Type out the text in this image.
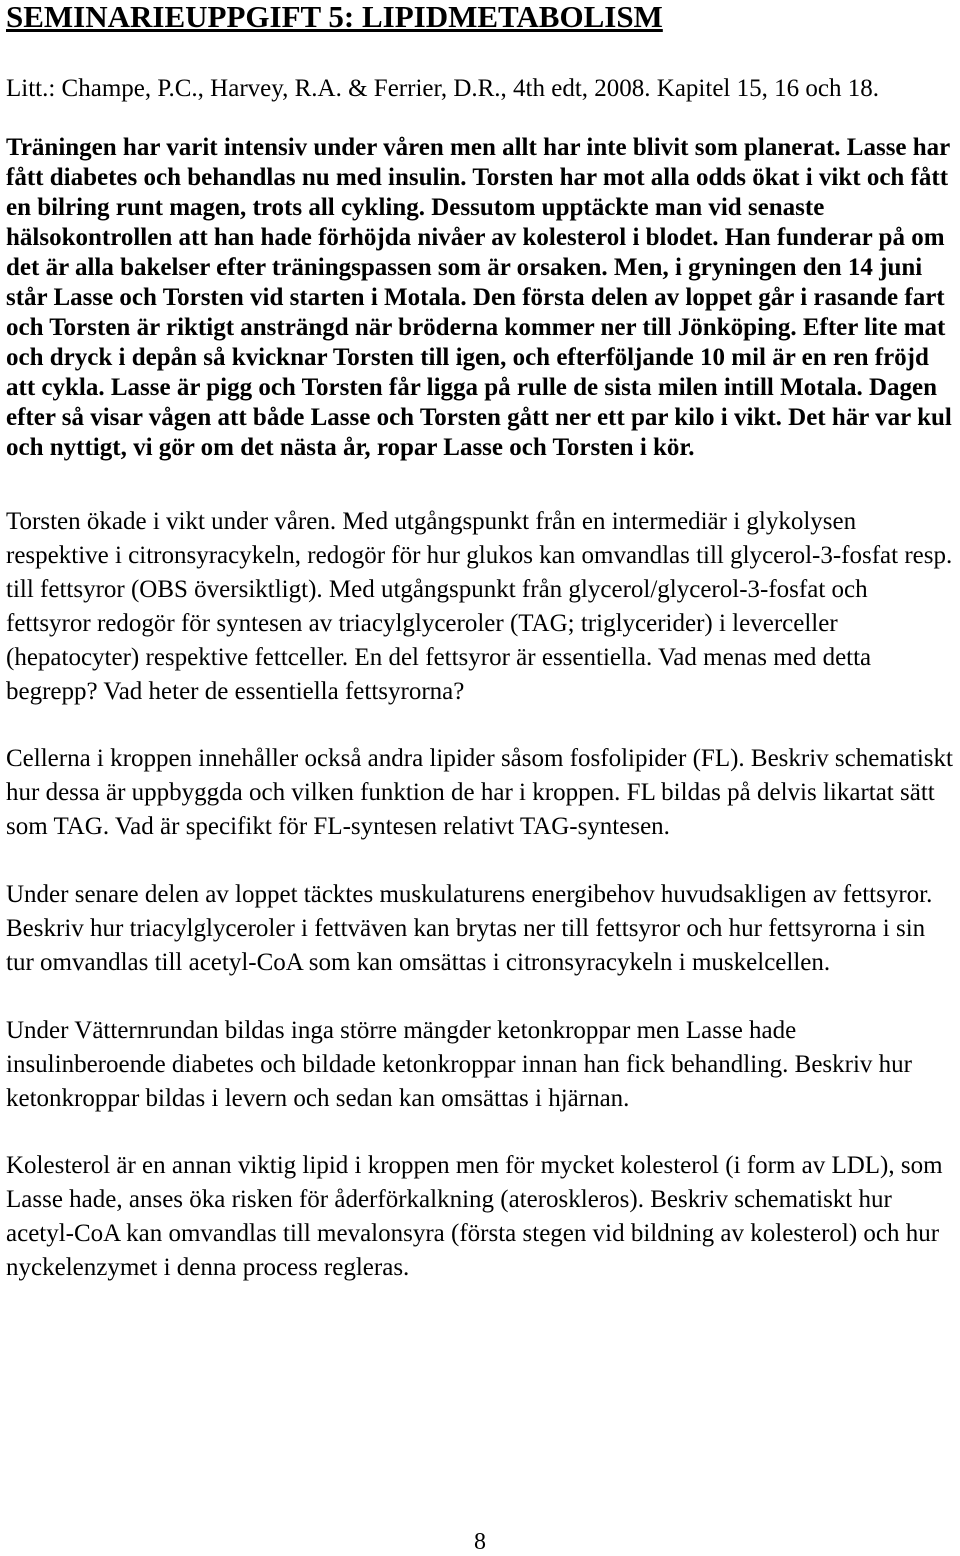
SEMINARIEUPPGIFT 5: LIPIDMETABOLISM

Litt.: Champe, P.C., Harvey, R.A. & Ferrier, D.R., 4th edt, 2008. Kapitel 15, 16 och 18.

Träningen har varit intensiv under våren men allt har inte blivit som planerat. Lasse har fått diabetes och behandlas nu med insulin. Torsten har mot alla odds ökat i vikt och fått en bilring runt magen, trots all cykling. Dessutom upptäckte man vid senaste hälsokontrollen att han hade förhöjda nivåer av kolesterol i blodet. Han funderar på om det är alla bakelser efter träningspassen som är orsaken. Men, i gryningen den 14 juni står Lasse och Torsten vid starten i Motala. Den första delen av loppet går i rasande fart och Torsten är riktigt ansträngd när bröderna kommer ner till Jönköping. Efter lite mat och dryck i depån så kvicknar Torsten till igen, och efterföljande 10 mil är en ren fröjd att cykla. Lasse är pigg och Torsten får ligga på rulle de sista milen intill Motala. Dagen efter så visar vågen att både Lasse och Torsten gått ner ett par kilo i vikt. Det här var kul och nyttigt, vi gör om det nästa år, ropar Lasse och Torsten i kör.

Torsten ökade i vikt under våren. Med utgångspunkt från en intermediär i glykolysen respektive i citronsyracykeln, redogör för hur glukos kan omvandlas till glycerol-3-fosfat resp. till fettsyror (OBS översiktligt). Med utgångspunkt från glycerol/glycerol-3-fosfat och fettsyror redogör för syntesen av triacylglyceroler (TAG; triglycerider) i leverceller (hepatocyter) respektive fettceller. En del fettsyror är essentiella. Vad menas med detta begrepp? Vad heter de essentiella fettsyrorna?

Cellerna i kroppen innehåller också andra lipider såsom fosfolipider (FL). Beskriv schematiskt hur dessa är uppbyggda och vilken funktion de har i kroppen. FL bildas på delvis likartat sätt som TAG. Vad är specifikt för FL-syntesen relativt TAG-syntesen.

Under senare delen av loppet täcktes muskulaturens energibehov huvudsakligen av fettsyror. Beskriv hur triacylglyceroler i fettväven kan brytas ner till fettsyror och hur fettsyrorna i sin tur omvandlas till acetyl-CoA som kan omsättas i citronsyracykeln i muskelcellen.

Under Vätternrundan bildas inga större mängder ketonkroppar men Lasse hade insulinberoende diabetes och bildade ketonkroppar innan han fick behandling. Beskriv hur ketonkroppar bildas i levern och sedan kan omsättas i hjärnan.

Kolesterol är en annan viktig lipid i kroppen men för mycket kolesterol (i form av LDL), som Lasse hade, anses öka risken för åderförkalkning (ateroskleros). Beskriv schematiskt hur acetyl-CoA kan omvandlas till mevalonsyra (första stegen vid bildning av kolesterol) och hur nyckelenzymet i denna process regleras.

8
